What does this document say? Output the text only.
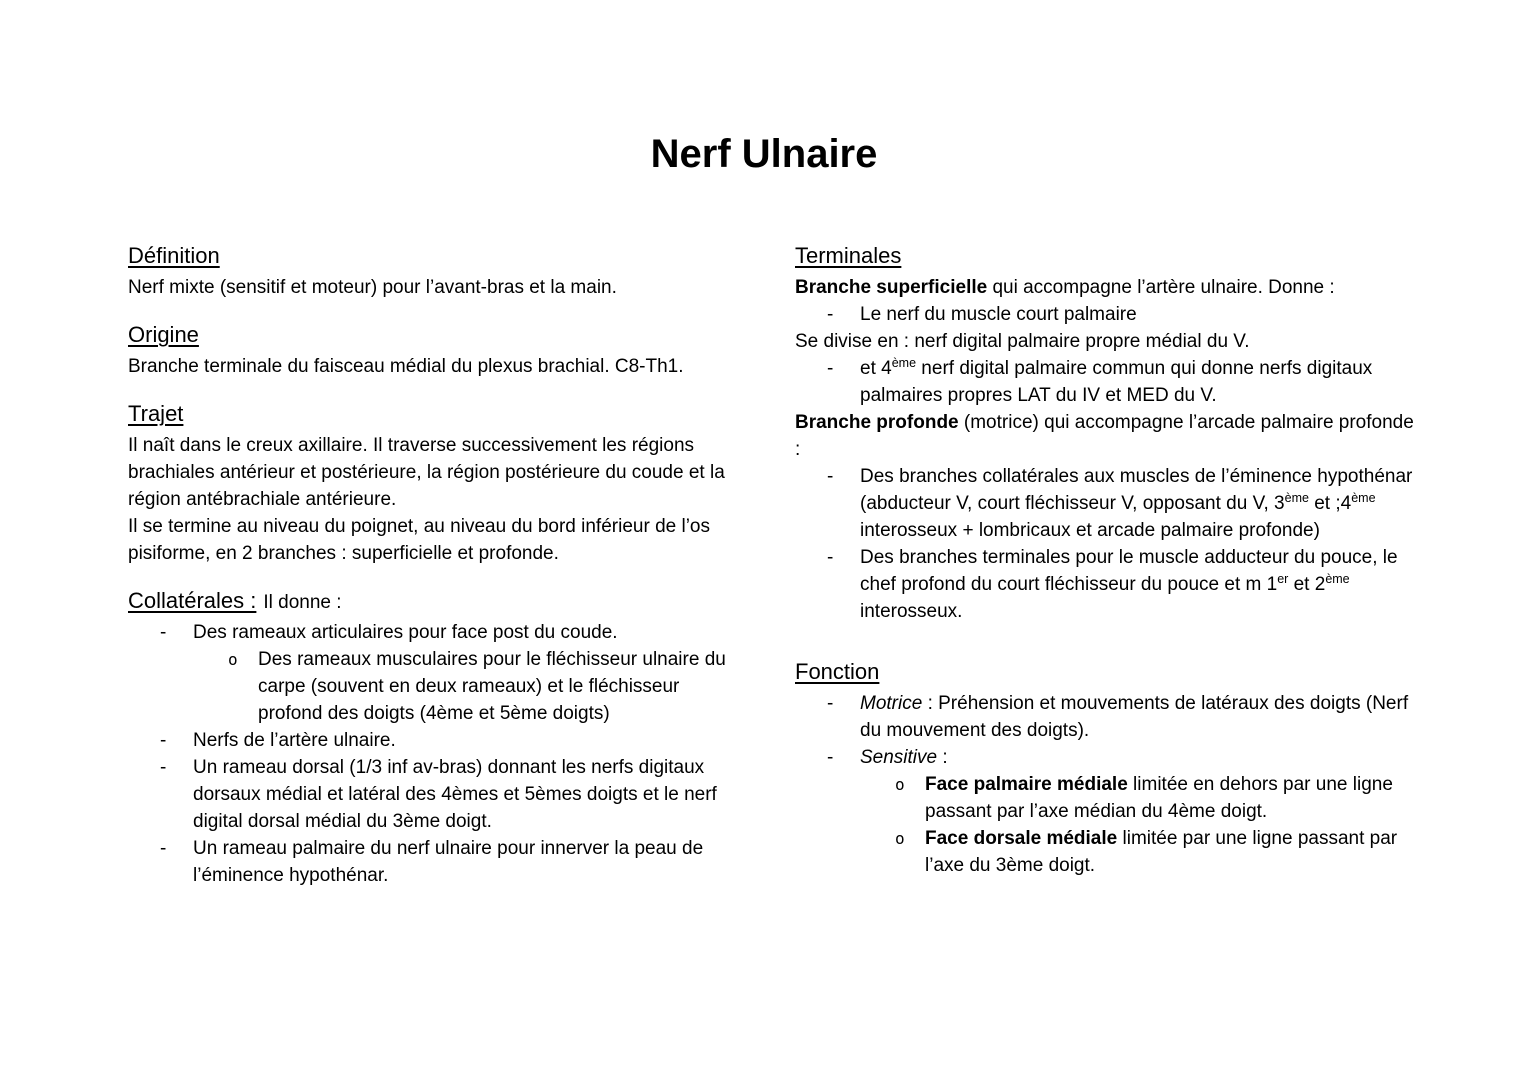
Nerf Ulnaire
Définition

Nerf mixte (sensitif et moteur) pour l’avant-bras et la main.

Origine

Branche terminale du faisceau médial du plexus brachial. C8-Th1.

Trajet

Il naît dans le creux axillaire. Il traverse successivement les régions brachiales antérieur et postérieure, la région postérieure du coude et la région antébrachiale antérieure.

Il se termine au niveau du poignet, au niveau du bord inférieur de l’os pisiforme, en 2 branches : superficielle et profonde.

Collatérales : Il donne :
-	Des rameaux articulaires pour face post du coude.
o	Des rameaux musculaires pour le fléchisseur ulnaire du carpe (souvent en deux rameaux) et le fléchisseur profond des doigts (4ème et 5ème doigts)
-	Nerfs de l’artère ulnaire.
-	Un rameau dorsal (1/3 inf av-bras) donnant les nerfs digitaux dorsaux médial et latéral des 4èmes et 5èmes doigts et le nerf digital dorsal médial du 3ème doigt.
-	Un rameau palmaire du nerf ulnaire pour innerver la peau de l’éminence hypothénar.
Terminales

Branche superficielle qui accompagne l’artère ulnaire. Donne :

-	Le nerf du muscle court palmaire

Se divise en : nerf digital palmaire propre médial du V.

-	et 4ème nerf digital palmaire commun qui donne nerfs digitaux palmaires propres LAT du IV et MED du V.

Branche profonde (motrice) qui accompagne l’arcade palmaire profonde :

-	Des branches collatérales aux muscles de l’éminence hypothénar (abducteur V, court fléchisseur V, opposant du V, 3ème et ;4ème interosseux + lombricaux et arcade palmaire profonde)
-	Des branches terminales pour le muscle adducteur du pouce, le chef profond du court fléchisseur du pouce et m 1er et 2ème interosseux.
Fonction
-	Motrice : Préhension et mouvements de latéraux des doigts (Nerf du mouvement des doigts).
-	Sensitive :
o	Face palmaire médiale limitée en dehors par une ligne passant par l’axe médian du 4ème doigt.
o	Face dorsale médiale limitée par une ligne passant par l’axe du 3ème doigt.
